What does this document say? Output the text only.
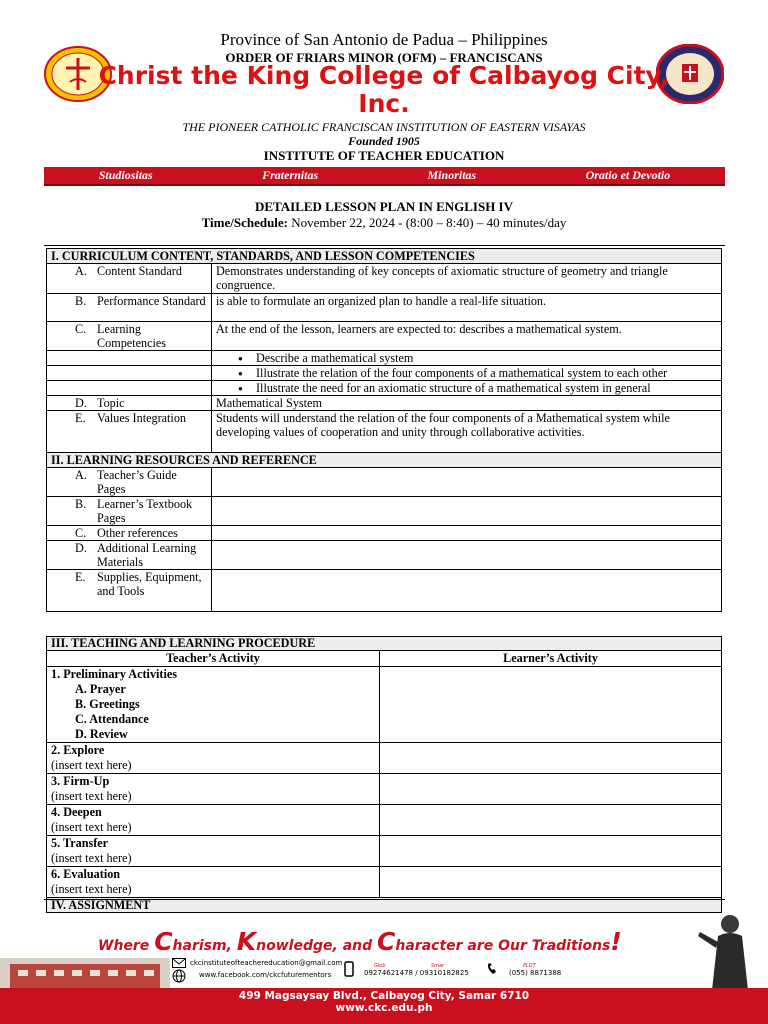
Province of San Antonio de Padua – Philippines
ORDER OF FRIARS MINOR (OFM) – FRANCISCANS
Christ the King College of Calbayog City,
Inc.
THE PIONEER CATHOLIC FRANCISCAN INSTITUTION OF EASTERN VISAYAS
Founded 1905
INSTITUTE OF TEACHER EDUCATION
Studiositas	Fraternitas	Minoritas	Oratio et Devotio
DETAILED LESSON PLAN IN ENGLISH IV
Time/Schedule: November 22, 2024 - (8:00 – 8:40) – 40 minutes/day
I. CURRICULUM CONTENT, STANDARDS, AND LESSON COMPETENCIES	

A. Content Standard	Demonstrates understanding of key concepts of axiomatic structure of geometry and triangle congruence.

B. Performance Standard	is able to formulate an organized plan to handle a real-life situation.

C. Learning Competencies	At the end of the lesson, learners are expected to: describes a mathematical system.
	● Describe a mathematical system
	● Illustrate the relation of the four components of a mathematical system to each other
	● Illustrate the need for an axiomatic structure of a mathematical system in general

D. Topic	Mathematical System

E. Values Integration	Students will understand the relation of the four components of a Mathematical system while developing values of cooperation and unity through collaborative activities.
II. LEARNING RESOURCES AND REFERENCE	

A. Teacher’s Guide Pages	

B. Learner’s Textbook Pages	

C. Other references	

D. Additional Learning Materials	

E. Supplies, Equipment, and Tools	

III. TEACHING AND LEARNING PROCEDURE	
Teacher’s Activity	Learner’s Activity

1. Preliminary Activities
A. Prayer
B. Greetings
C. Attendance
D. Review	

2. Explore
(insert text here)	

3. Firm-Up
(insert text here)	

4. Deepen
(insert text here)	

5. Transfer
(insert text here)	

6. Evaluation
(insert text here)	

IV. ASSIGNMENT	
Where Charism, Knowledge, and Character are Our Traditions!
ckcinstituteofteachereducation@gmail.com
www.facebook.com/ckcfuturementors
Glob	Smar
09274621478 / 09310182825
PLDT
(055) 8871388
499 Magsaysay Blvd., Calbayog City, Samar 6710
www.ckc.edu.ph
